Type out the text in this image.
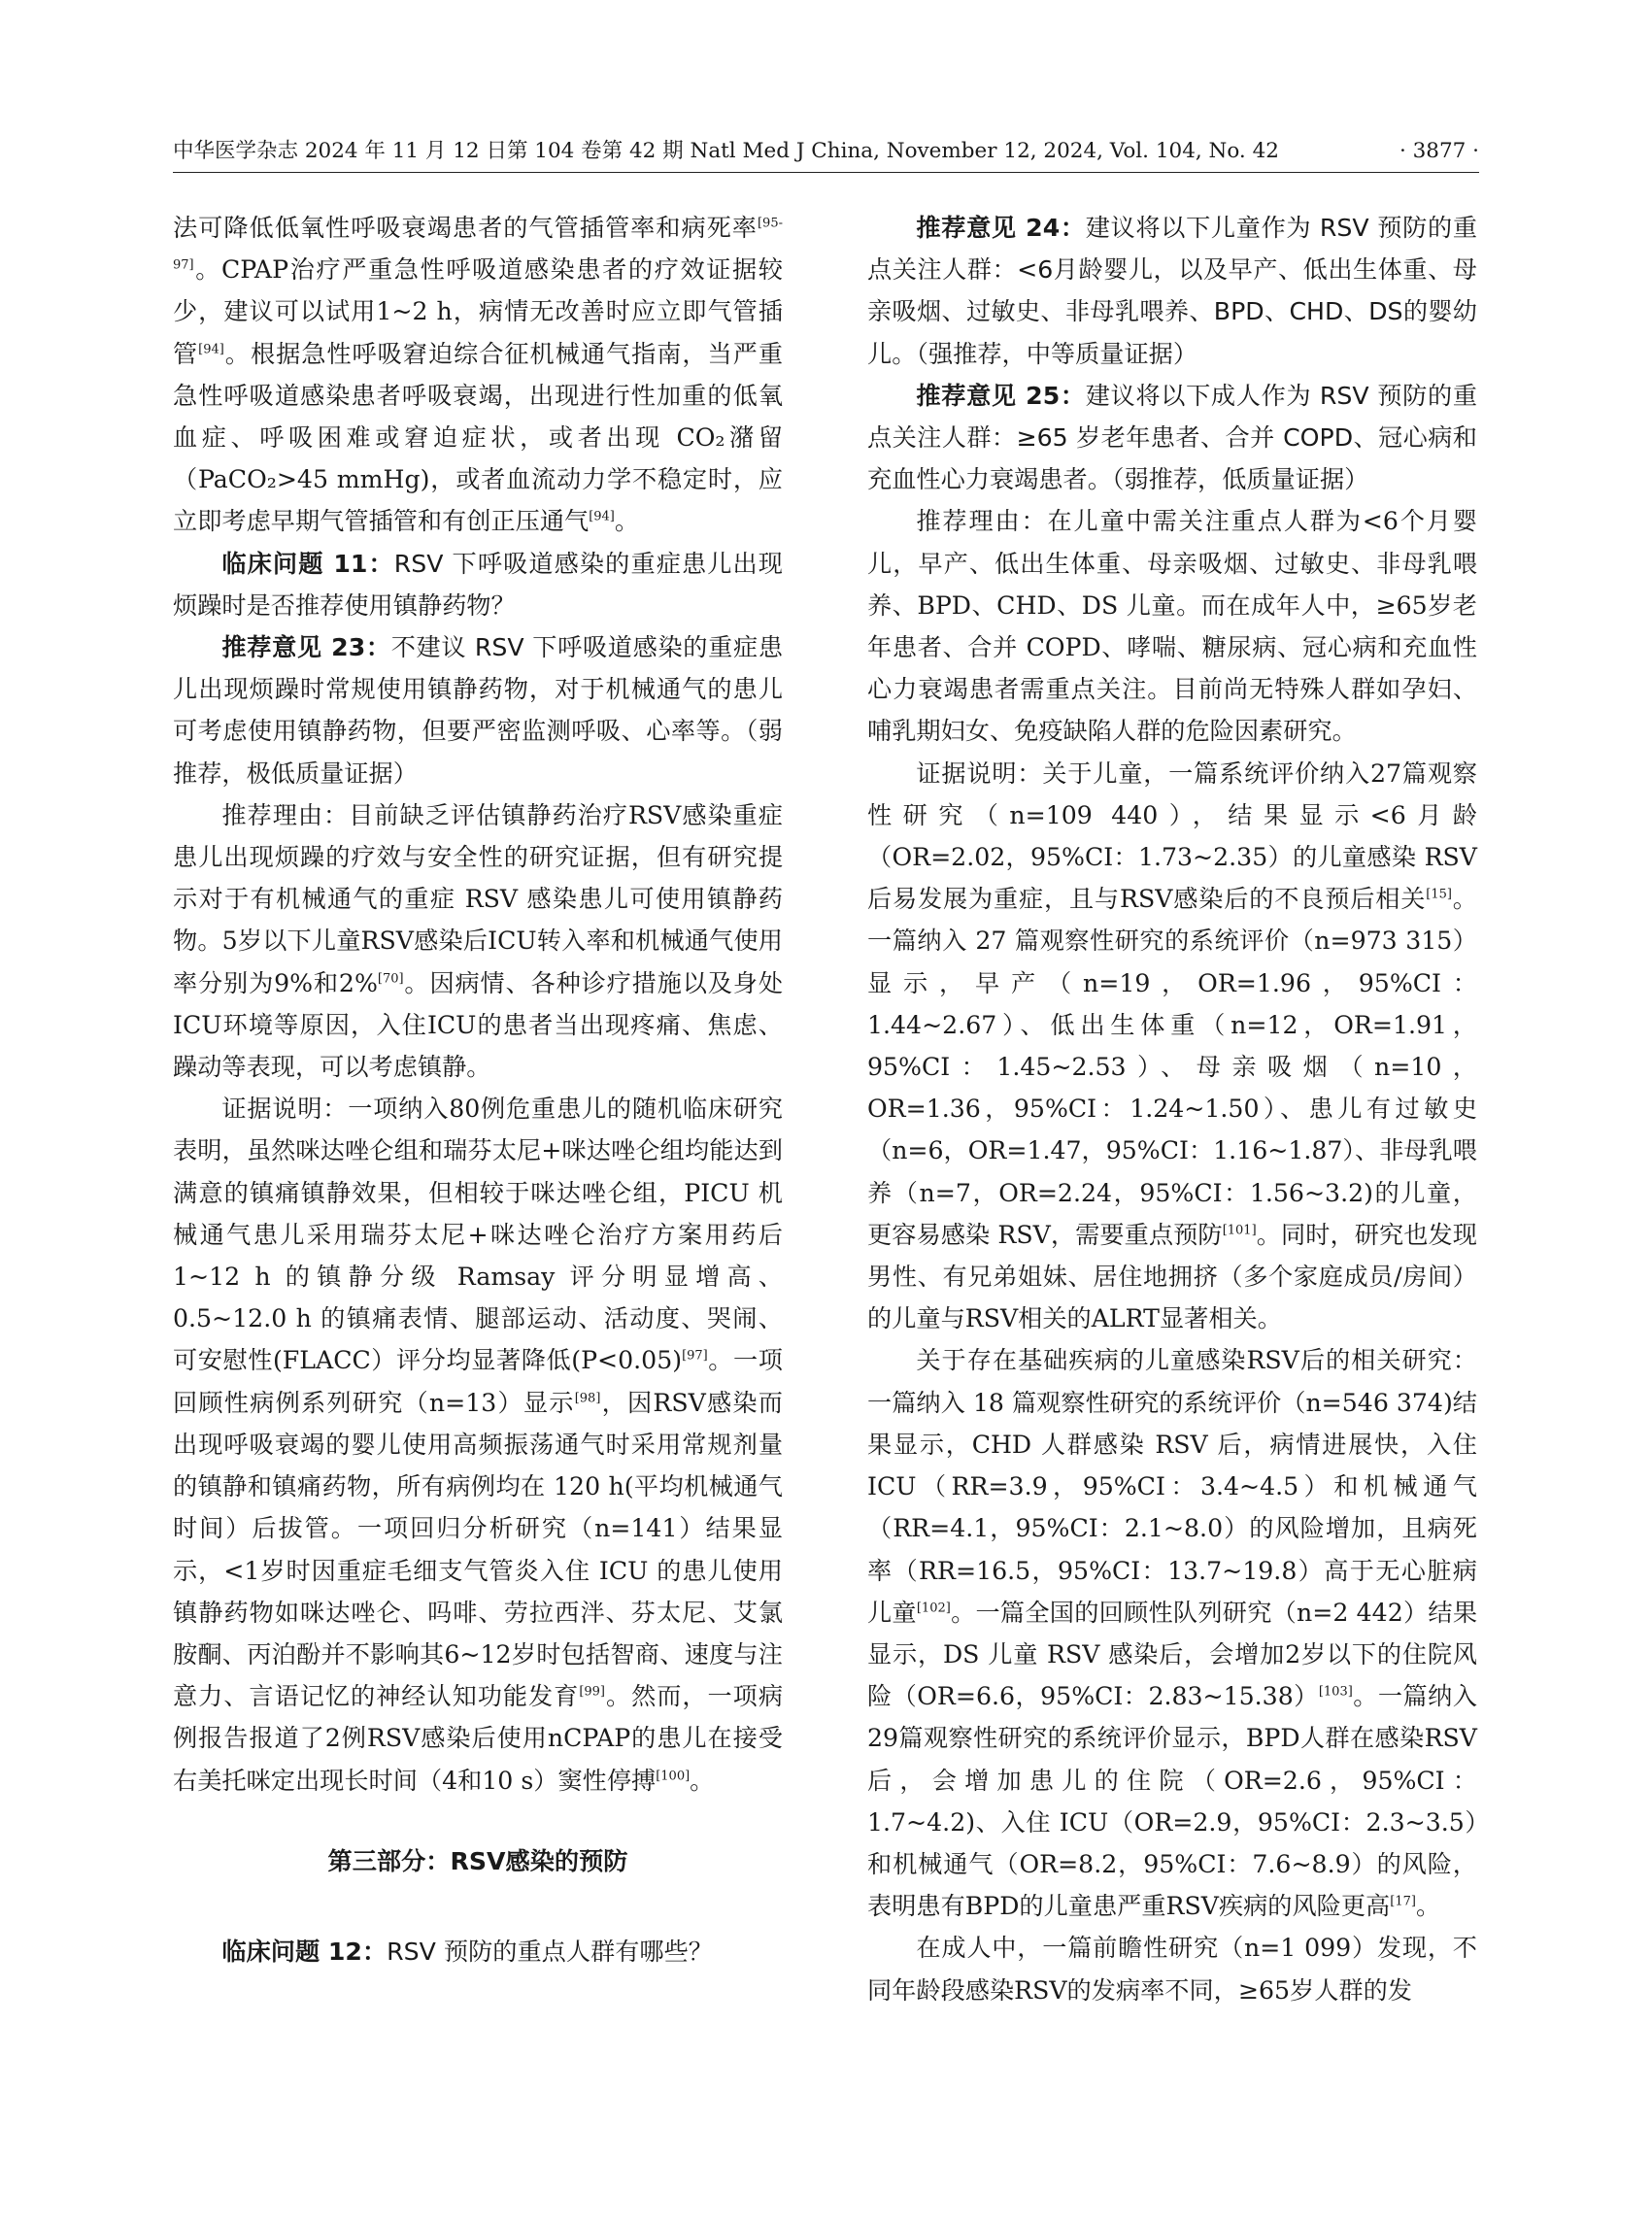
中华医学杂志 2024 年 11 月 12 日第 104 卷第 42 期 Natl Med J China, November 12, 2024, Vol. 104, No. 42	· 3877 ·

法可降低低氧性呼吸衰竭患者的气管插管率和病死率[95-97]。CPAP治疗严重急性呼吸道感染患者的疗效证据较少，建议可以试用1~2 h，病情无改善时应立即气管插管[94]。根据急性呼吸窘迫综合征机械通气指南，当严重急性呼吸道感染患者呼吸衰竭，出现进行性加重的低氧血症、呼吸困难或窘迫症状，或者出现 CO₂潴留（PaCO₂>45 mmHg)，或者血流动力学不稳定时，应立即考虑早期气管插管和有创正压通气[94]。

临床问题 11：RSV 下呼吸道感染的重症患儿出现烦躁时是否推荐使用镇静药物？

推荐意见 23：不建议 RSV 下呼吸道感染的重症患儿出现烦躁时常规使用镇静药物，对于机械通气的患儿可考虑使用镇静药物，但要严密监测呼吸、心率等。（弱推荐，极低质量证据）

推荐理由：目前缺乏评估镇静药治疗RSV感染重症患儿出现烦躁的疗效与安全性的研究证据，但有研究提示对于有机械通气的重症 RSV 感染患儿可使用镇静药物。5岁以下儿童RSV感染后ICU转入率和机械通气使用率分别为9%和2%[70]。因病情、各种诊疗措施以及身处ICU环境等原因，入住ICU的患者当出现疼痛、焦虑、躁动等表现，可以考虑镇静。

证据说明：一项纳入80例危重患儿的随机临床研究表明，虽然咪达唑仑组和瑞芬太尼+咪达唑仑组均能达到满意的镇痛镇静效果，但相较于咪达唑仑组，PICU 机械通气患儿采用瑞芬太尼+咪达唑仑治疗方案用药后 1~12 h 的镇静分级 Ramsay 评分明显增高、0.5~12.0 h 的镇痛表情、腿部运动、活动度、哭闹、可安慰性(FLACC）评分均显著降低(P<0.05)[97]。一项回顾性病例系列研究（n=13）显示[98]，因RSV感染而出现呼吸衰竭的婴儿使用高频振荡通气时采用常规剂量的镇静和镇痛药物，所有病例均在 120 h(平均机械通气时间）后拔管。一项回归分析研究（n=141）结果显示，<1岁时因重症毛细支气管炎入住 ICU 的患儿使用镇静药物如咪达唑仑、吗啡、劳拉西泮、芬太尼、艾氯胺酮、丙泊酚并不影响其6~12岁时包括智商、速度与注意力、言语记忆的神经认知功能发育[99]。然而，一项病例报告报道了2例RSV感染后使用nCPAP的患儿在接受右美托咪定出现长时间（4和10 s）窦性停搏[100]。

第三部分：RSV感染的预防

临床问题 12：RSV 预防的重点人群有哪些？

推荐意见 24：建议将以下儿童作为 RSV 预防的重点关注人群：<6月龄婴儿，以及早产、低出生体重、母亲吸烟、过敏史、非母乳喂养、BPD、CHD、DS的婴幼儿。（强推荐，中等质量证据）

推荐意见 25：建议将以下成人作为 RSV 预防的重点关注人群：≥65 岁老年患者、合并 COPD、冠心病和充血性心力衰竭患者。（弱推荐，低质量证据）

推荐理由：在儿童中需关注重点人群为<6个月婴儿，早产、低出生体重、母亲吸烟、过敏史、非母乳喂养、BPD、CHD、DS 儿童。而在成年人中，≥65岁老年患者、合并 COPD、哮喘、糖尿病、冠心病和充血性心力衰竭患者需重点关注。目前尚无特殊人群如孕妇、哺乳期妇女、免疫缺陷人群的危险因素研究。

证据说明：关于儿童，一篇系统评价纳入27篇观察性研究（n=109 440），结果显示<6月龄（OR=2.02，95%CI：1.73~2.35）的儿童感染 RSV 后易发展为重症，且与RSV感染后的不良预后相关[15]。一篇纳入 27 篇观察性研究的系统评价（n=973 315）显示，早产（n=19，OR=1.96，95%CI：1.44~2.67）、低出生体重（n=12，OR=1.91，95%CI：1.45~2.53）、母亲吸烟（n=10，OR=1.36，95%CI：1.24~1.50）、患儿有过敏史（n=6，OR=1.47，95%CI：1.16~1.87）、非母乳喂养（n=7，OR=2.24，95%CI：1.56~3.2)的儿童，更容易感染 RSV，需要重点预防[101]。同时，研究也发现男性、有兄弟姐妹、居住地拥挤（多个家庭成员/房间）的儿童与RSV相关的ALRT显著相关。

关于存在基础疾病的儿童感染RSV后的相关研究：一篇纳入 18 篇观察性研究的系统评价（n=546 374)结果显示，CHD 人群感染 RSV 后，病情进展快，入住 ICU（RR=3.9，95%CI：3.4~4.5）和机械通气（RR=4.1，95%CI：2.1~8.0）的风险增加，且病死率（RR=16.5，95%CI：13.7~19.8）高于无心脏病儿童[102]。一篇全国的回顾性队列研究（n=2 442）结果显示，DS 儿童 RSV 感染后，会增加2岁以下的住院风险（OR=6.6，95%CI：2.83~15.38）[103]。一篇纳入29篇观察性研究的系统评价显示，BPD人群在感染RSV后，会增加患儿的住院（OR=2.6，95%CI：1.7~4.2)、入住 ICU（OR=2.9，95%CI：2.3~3.5）和机械通气（OR=8.2，95%CI：7.6~8.9）的风险，表明患有BPD的儿童患严重RSV疾病的风险更高[17]。

在成人中，一篇前瞻性研究（n=1 099）发现，不同年龄段感染RSV的发病率不同，≥65岁人群的发
